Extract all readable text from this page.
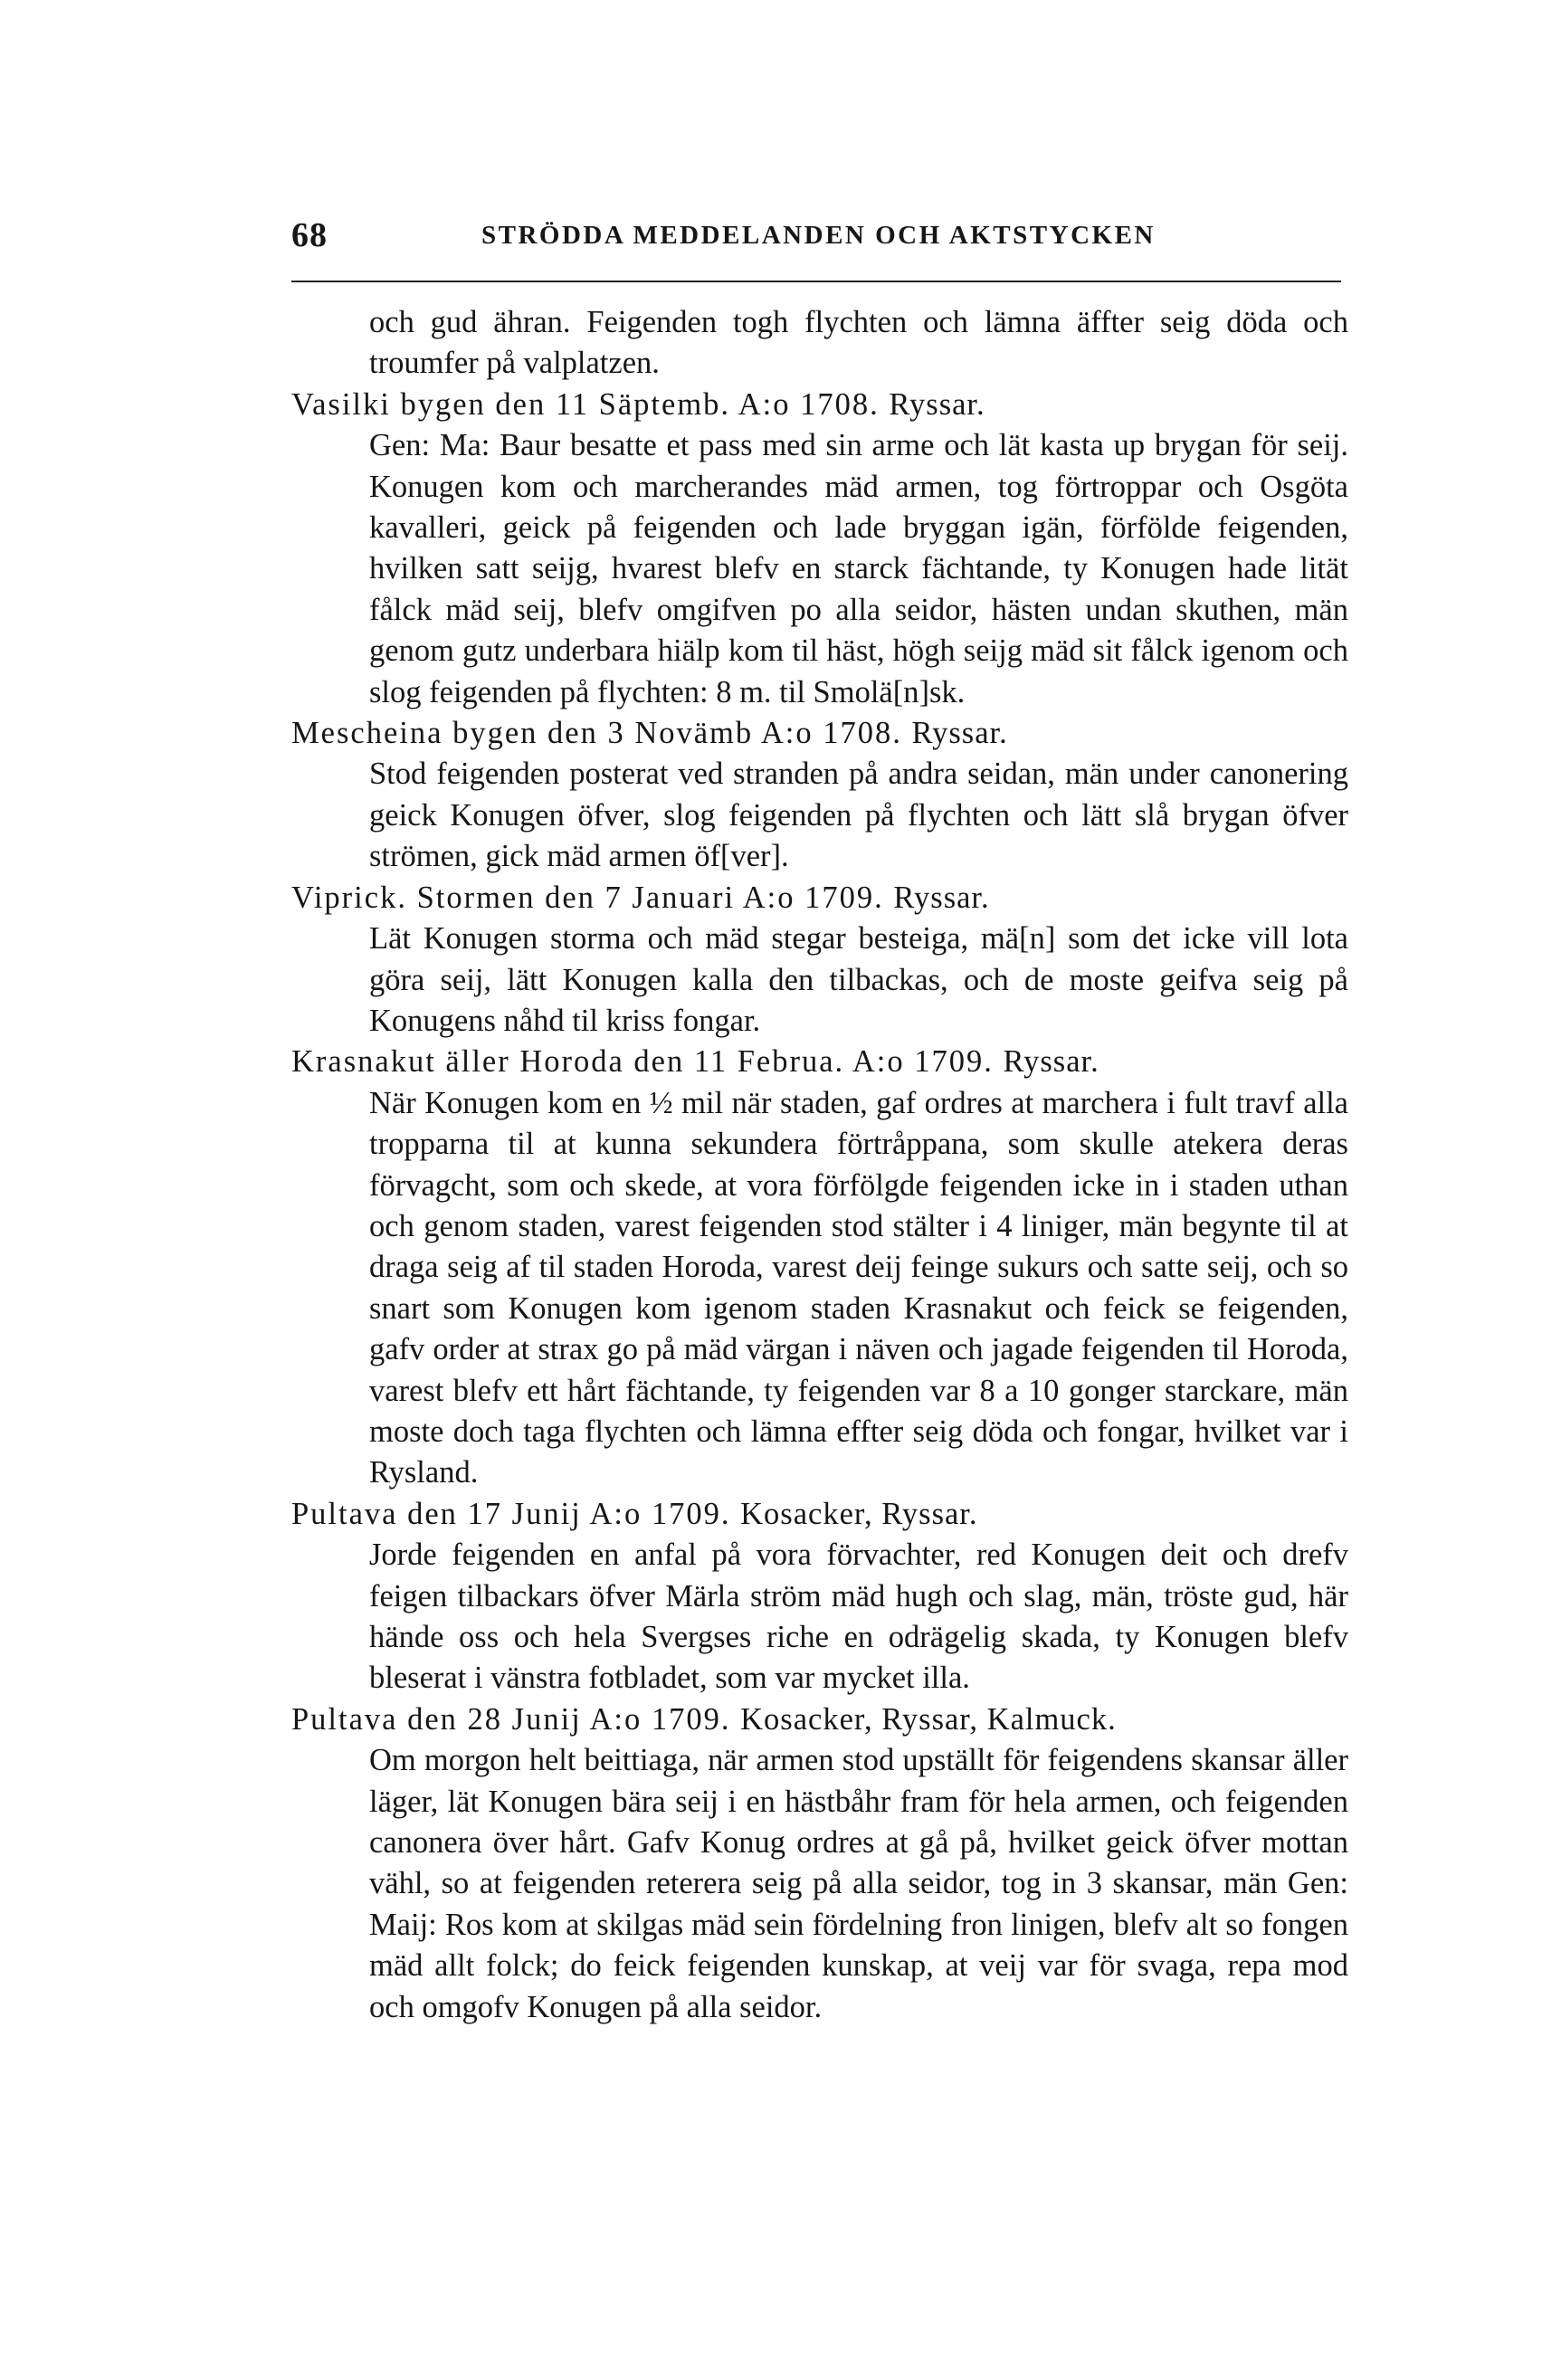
68	STRÖDDA MEDDELANDEN OCH AKTSTYCKEN
och gud ähran. Feigenden togh flychten och lämna äffter seig döda och troumfer på valplatzen.
Vasilki bygen den 11 Säptemb. A:o 1708. Ryssar.
Gen: Ma: Baur besatte et pass med sin arme och lät kasta up brygan för seij. Konugen kom och marcherandes mäd armen, tog förtroppar och Osgöta kavalleri, geick på feigenden och lade bryggan igän, förfölde feigenden, hvilken satt seijg, hvarest blefv en starck fächtande, ty Konugen hade lität fålck mäd seij, blefv omgifven po alla seidor, hästen undan skuthen, män genom gutz underbara hiälp kom til häst, högh seijg mäd sit fålck igenom och slog feigenden på flychten: 8 m. til Smolä[n]sk.
Mescheina bygen den 3 Novämb A:o 1708. Ryssar.
Stod feigenden posterat ved stranden på andra seidan, män under canonering geick Konugen öfver, slog feigenden på flychten och lätt slå brygan öfver strömen, gick mäd armen öf[ver].
Viprick. Stormen den 7 Januari A:o 1709. Ryssar.
Lät Konugen storma och mäd stegar besteiga, mä[n] som det icke vill lota göra seij, lätt Konugen kalla den tilbackas, och de moste geifva seig på Konugens nåhd til kriss fongar.
Krasnakut äller Horoda den 11 Februa. A:o 1709. Ryssar.
När Konugen kom en ½ mil när staden, gaf ordres at marchera i fult travf alla tropparna til at kunna sekundera förtråppana, som skulle atekera deras förvagcht, som och skede, at vora förfölgde feigenden icke in i staden uthan och genom staden, varest feigenden stod stälter i 4 liniger, män begynte til at draga seig af til staden Horoda, varest deij feinge sukurs och satte seij, och so snart som Konugen kom igenom staden Krasnakut och feick se feigenden, gafv order at strax go på mäd värgan i näven och jagade feigenden til Horoda, varest blefv ett hårt fächtande, ty feigenden var 8 a 10 gonger starckare, män moste doch taga flychten och lämna effter seig döda och fongar, hvilket var i Rysland.
Pultava den 17 Junij A:o 1709. Kosacker, Ryssar.
Jorde feigenden en anfal på vora förvachter, red Konugen deit och drefv feigen tilbackars öfver Märla ström mäd hugh och slag, män, tröste gud, här hände oss och hela Svergses riche en odrägelig skada, ty Konugen blefv bleserat i vänstra fotbladet, som var mycket illa.
Pultava den 28 Junij A:o 1709. Kosacker, Ryssar, Kalmuck.
Om morgon helt beittiaga, när armen stod upställt för feigendens skansar äller läger, lät Konugen bära seij i en hästbåhr fram för hela armen, och feigenden canonera över hårt. Gafv Konug ordres at gå på, hvilket geick öfver mottan vähl, so at feigenden reterera seig på alla seidor, tog in 3 skansar, män Gen: Maij: Ros kom at skilgas mäd sein fördelning fron linigen, blefv alt so fongen mäd allt folck; do feick feigenden kunskap, at veij var för svaga, repa mod och omgofv Konugen på alla seidor.
